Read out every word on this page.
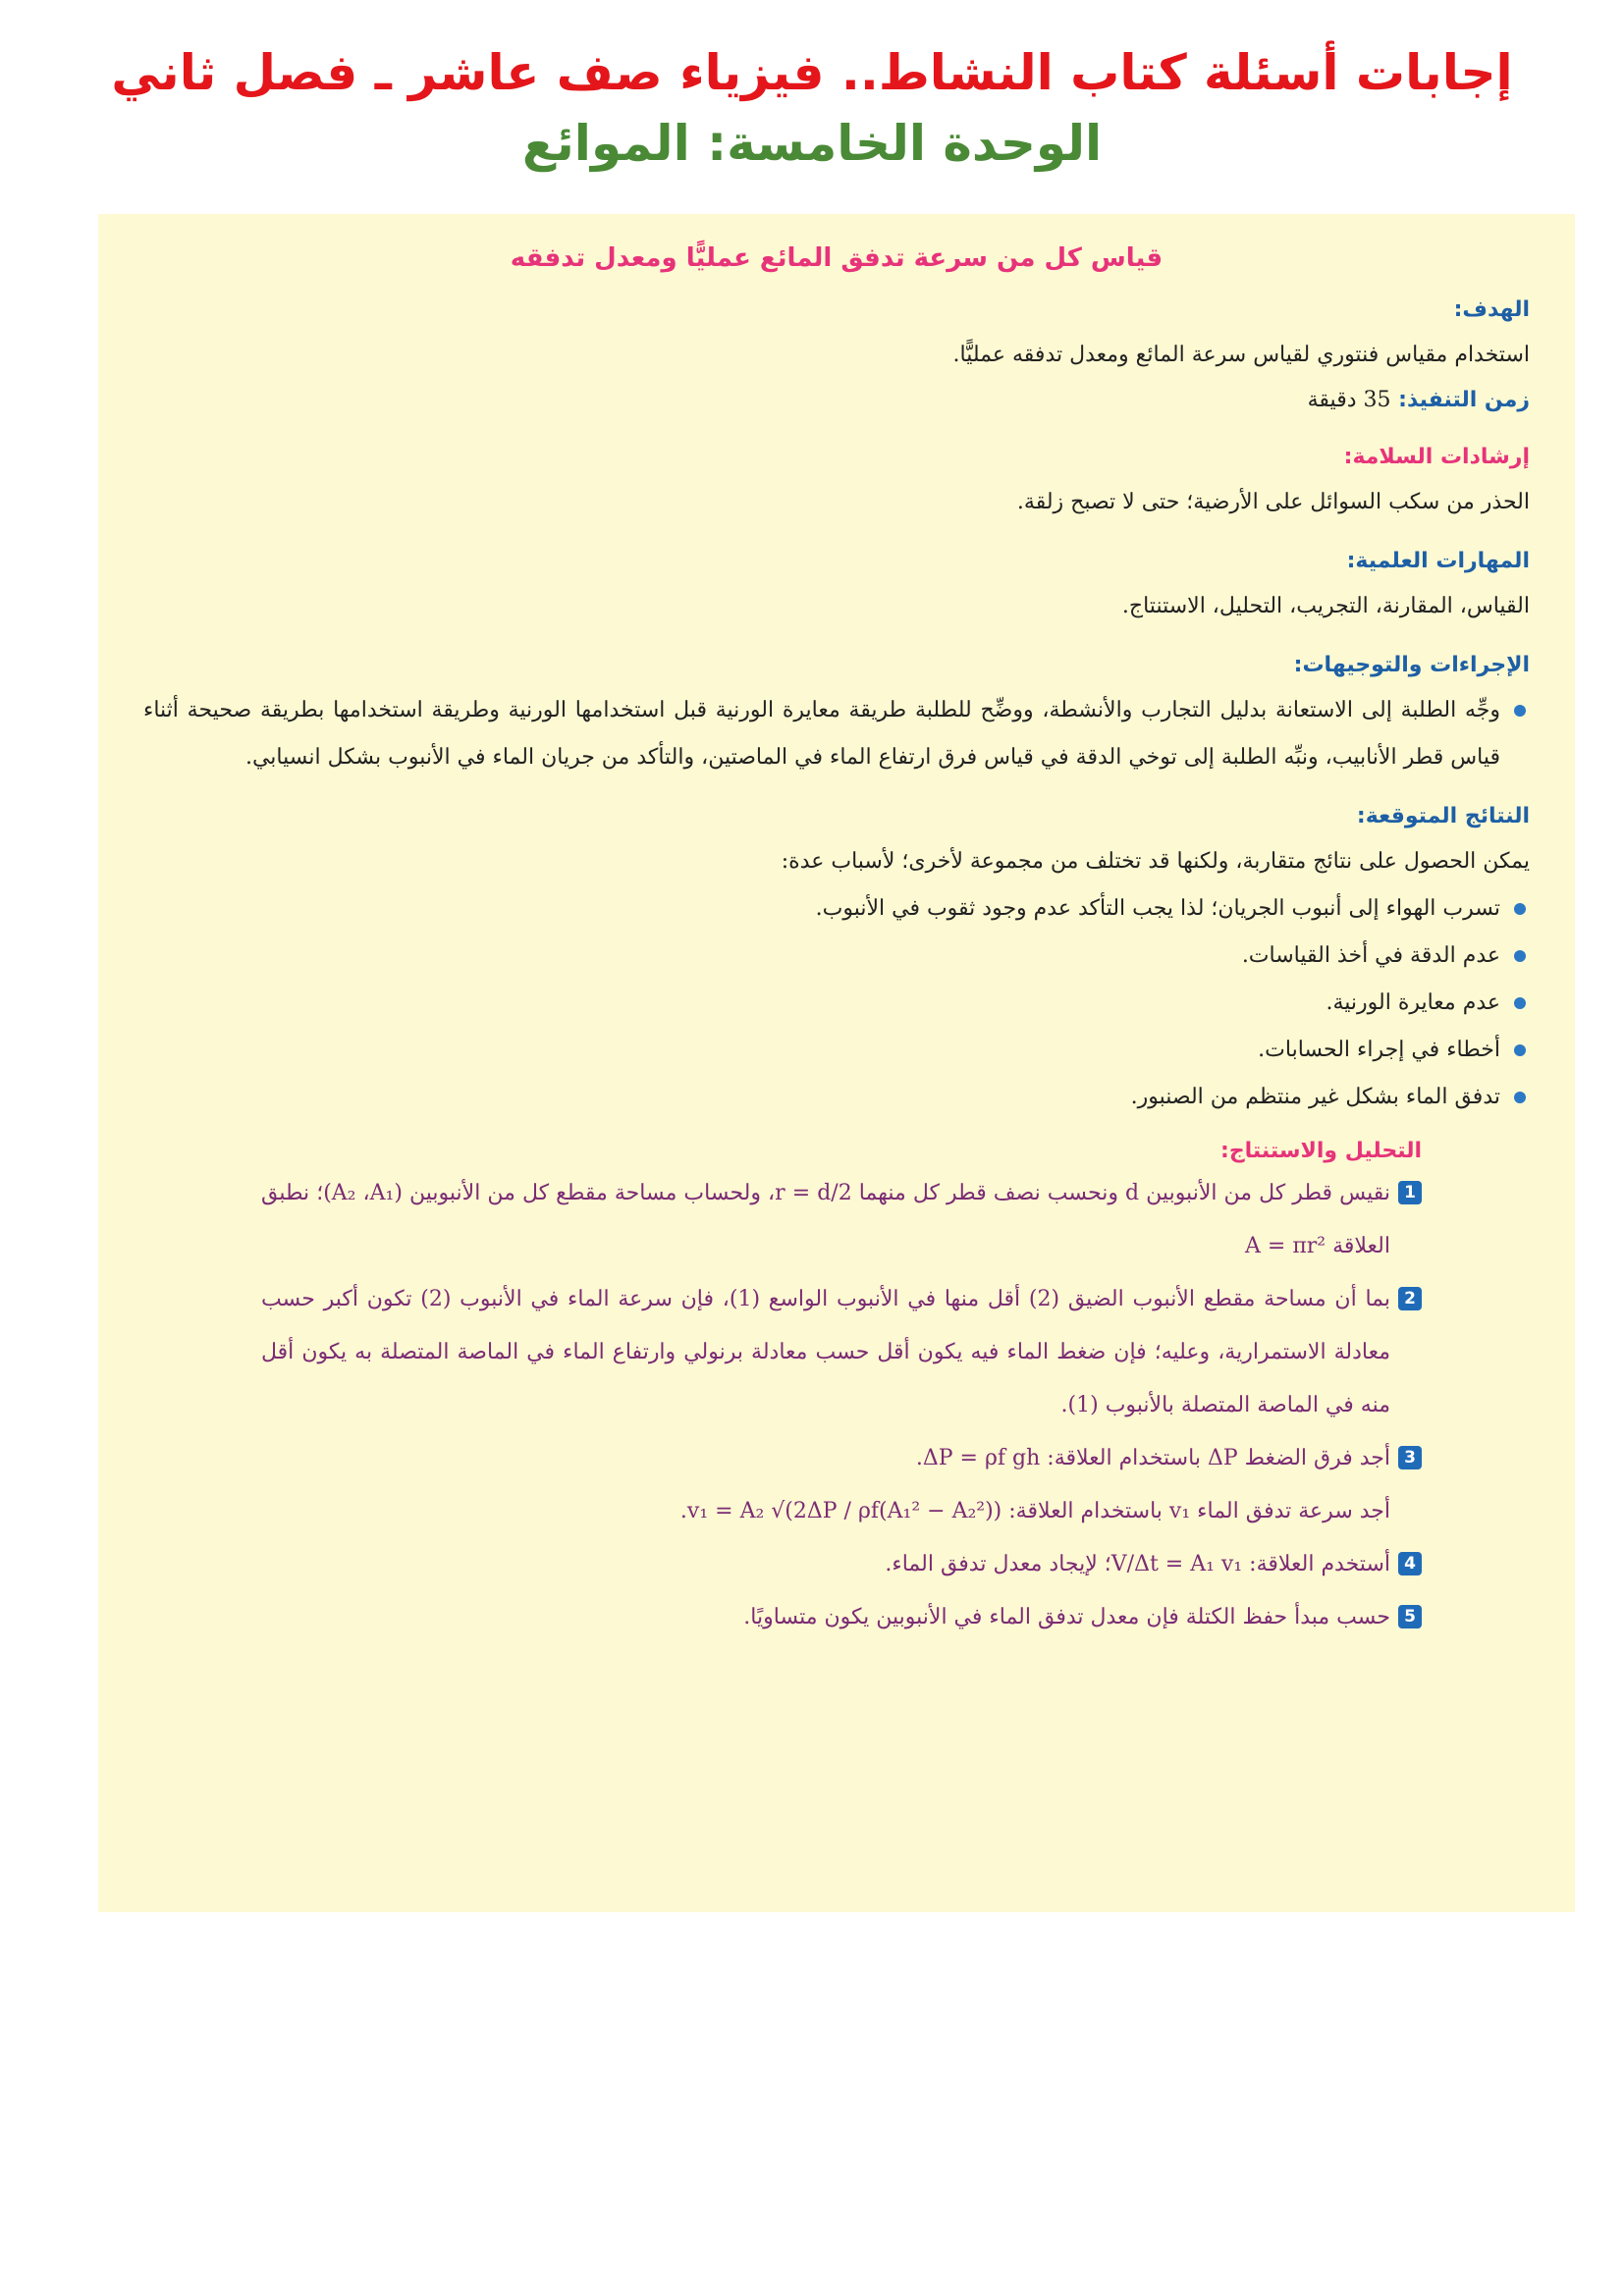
إجابات أسئلة كتاب النشاط.. فيزياء صف عاشر ـ فصل ثاني
الوحدة الخامسة: الموائع
قياس كل من سرعة تدفق المائع عمليًّا ومعدل تدفقه

الهدف:

استخدام مقياس فنتوري لقياس سرعة المائع ومعدل تدفقه عمليًّا.

زمن التنفيذ: 35 دقيقة

إرشادات السلامة:

الحذر من سكب السوائل على الأرضية؛ حتى لا تصبح زلقة.

المهارات العلمية:

القياس، المقارنة، التجريب، التحليل، الاستنتاج.

الإجراءات والتوجيهات:

وجِّه الطلبة إلى الاستعانة بدليل التجارب والأنشطة، ووضِّح للطلبة طريقة معايرة الورنية قبل استخدامها الورنية وطريقة استخدامها بطريقة صحيحة أثناء قياس قطر الأنابيب، ونبِّه الطلبة إلى توخي الدقة في قياس فرق ارتفاع الماء في الماصتين، والتأكد من جريان الماء في الأنبوب بشكل انسيابي.

النتائج المتوقعة:

يمكن الحصول على نتائج متقاربة، ولكنها قد تختلف من مجموعة لأخرى؛ لأسباب عدة:

تسرب الهواء إلى أنبوب الجريان؛ لذا يجب التأكد عدم وجود ثقوب في الأنبوب.
عدم الدقة في أخذ القياسات.
عدم معايرة الورنية.
أخطاء في إجراء الحسابات.
تدفق الماء بشكل غير منتظم من الصنبور.

التحليل والاستنتاج:

1
نقيس قطر كل من الأنبوبين d ونحسب نصف قطر كل منهما r = d/2، ولحساب مساحة مقطع كل من الأنبوبين (A₂ ،A₁)؛ نطبق العلاقة A = πr²
2
بما أن مساحة مقطع الأنبوب الضيق (2) أقل منها في الأنبوب الواسع (1)، فإن سرعة الماء في الأنبوب (2) تكون أكبر حسب معادلة الاستمرارية، وعليه؛ فإن ضغط الماء فيه يكون أقل حسب معادلة برنولي وارتفاع الماء في الماصة المتصلة به يكون أقل منه في الماصة المتصلة بالأنبوب (1).
3
أجد فرق الضغط ΔP باستخدام العلاقة: ΔP = ρf gh.
أجد سرعة تدفق الماء v₁ باستخدام العلاقة: v₁ = A₂ √(2ΔP / ρf(A₁² − A₂²)).
4
أستخدم العلاقة: V/Δt = A₁ v₁؛ لإيجاد معدل تدفق الماء.
5
حسب مبدأ حفظ الكتلة فإن معدل تدفق الماء في الأنبوبين يكون متساويًا.
